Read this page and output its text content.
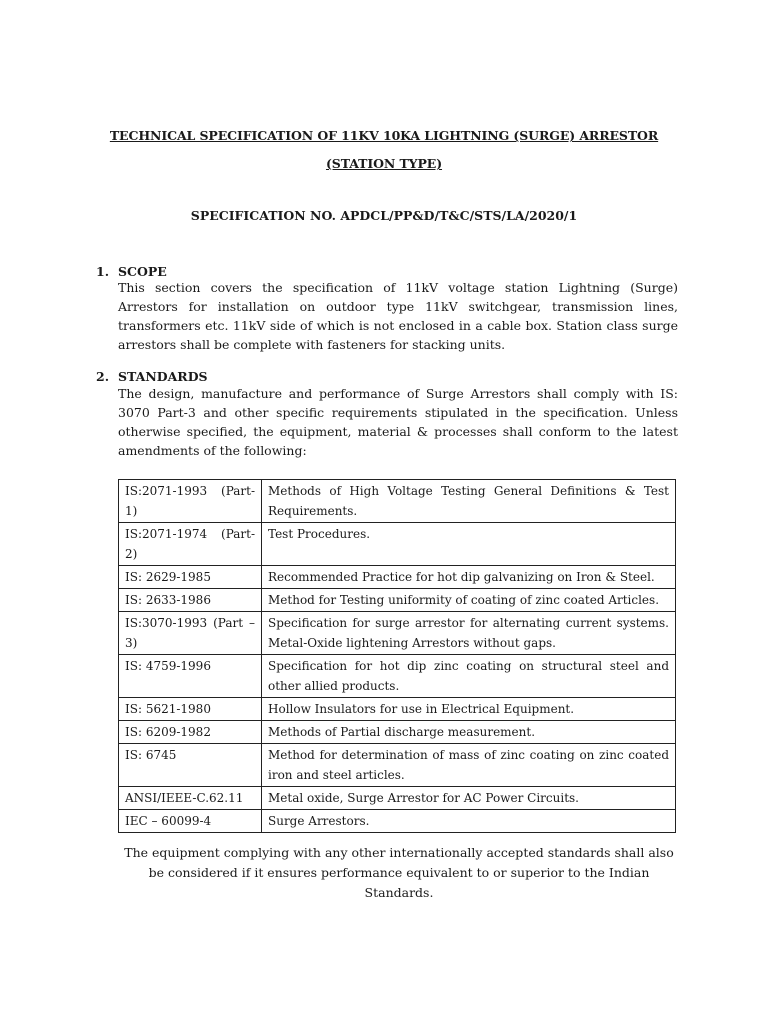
TECHNICAL SPECIFICATION OF 11KV 10KA LIGHTNING (SURGE) ARRESTOR
(STATION TYPE)
SPECIFICATION NO. APDCL/PP&D/T&C/STS/LA/2020/1
1. SCOPE
This section covers the specification of 11kV voltage station Lightning (Surge) Arrestors for installation on outdoor type 11kV switchgear, transmission lines, transformers etc. 11kV side of which is not enclosed in a cable box. Station class surge arrestors shall be complete with fasteners for stacking units.
2. STANDARDS
The design, manufacture and performance of Surge Arrestors shall comply with IS: 3070 Part-3 and other specific requirements stipulated in the specification. Unless otherwise specified, the equipment, material & processes shall conform to the latest amendments of the following:
IS:2071-1993 (Part-1)	Methods of High Voltage Testing General Definitions & Test Requirements.
IS:2071-1974 (Part-2)	Test Procedures.
IS: 2629-1985	Recommended Practice for hot dip galvanizing on Iron & Steel.
IS: 2633-1986	Method for Testing uniformity of coating of zinc coated Articles.
IS:3070-1993 (Part – 3)	Specification for surge arrestor for alternating current systems. Metal-Oxide lightening Arrestors without gaps.
IS: 4759-1996	Specification for hot dip zinc coating on structural steel and other allied products.
IS: 5621-1980	Hollow Insulators for use in Electrical Equipment.
IS: 6209-1982	Methods of Partial discharge measurement.
IS: 6745	Method for determination of mass of zinc coating on zinc coated iron and steel articles.
ANSI/IEEE-C.62.11	Metal oxide, Surge Arrestor for AC Power Circuits.
IEC – 60099-4	Surge Arrestors.
The equipment complying with any other internationally accepted standards shall also be considered if it ensures performance equivalent to or superior to the Indian Standards.
